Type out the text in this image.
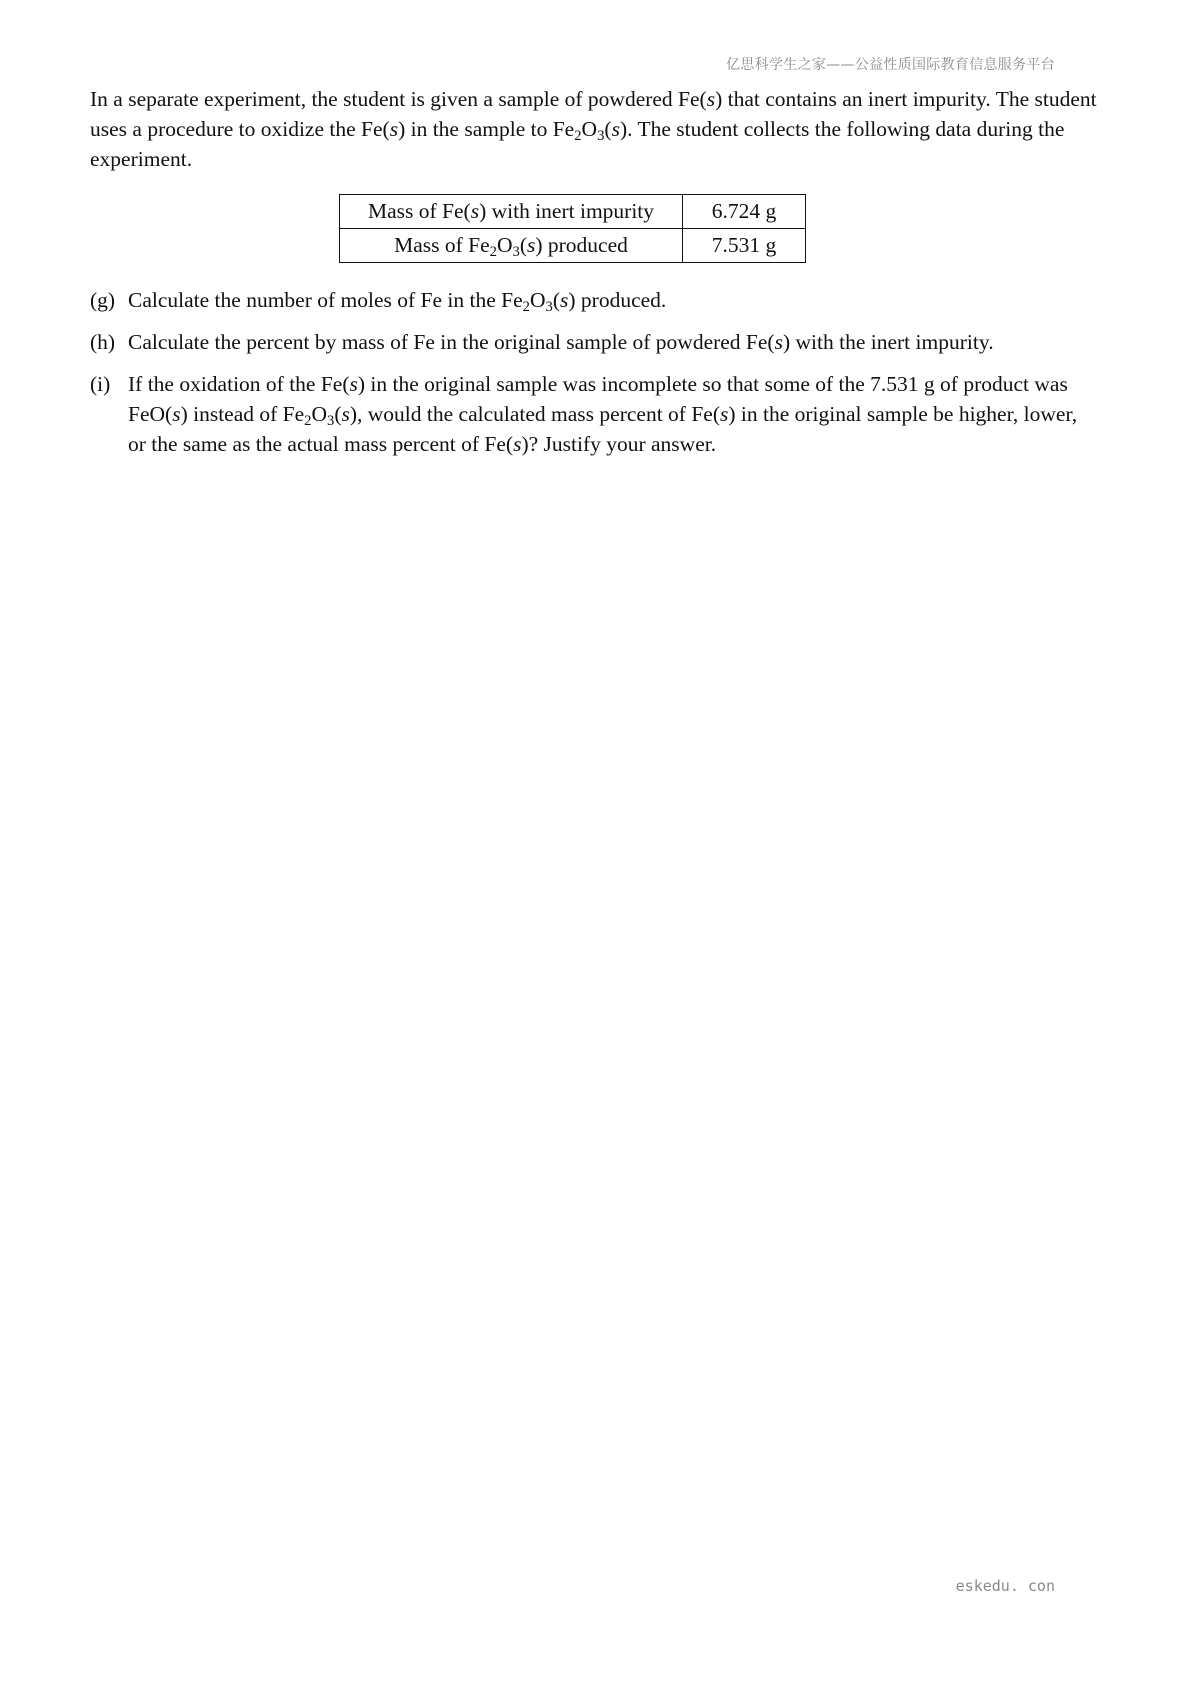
亿思科学生之家——公益性质国际教育信息服务平台

In a separate experiment, the student is given a sample of powdered Fe(s) that contains an inert impurity. The student uses a procedure to oxidize the Fe(s) in the sample to $Fe_2O_3(s)$. The student collects the following data during the experiment.

Mass of Fe(s) with inert impurity	6.724 g
Mass of $Fe_2O_3(s)$ produced	7.531 g
(g) Calculate the number of moles of Fe in the $Fe_2O_3(s)$ produced.
(h) Calculate the percent by mass of Fe in the original sample of powdered Fe(s) with the inert impurity.
(i) If the oxidation of the Fe(s) in the original sample was incomplete so that some of the 7.531 g of product was FeO(s) instead of $Fe_2O_3(s)$, would the calculated mass percent of Fe(s) in the original sample be higher, lower, or the same as the actual mass percent of Fe(s)? Justify your answer.
eskedu. con
